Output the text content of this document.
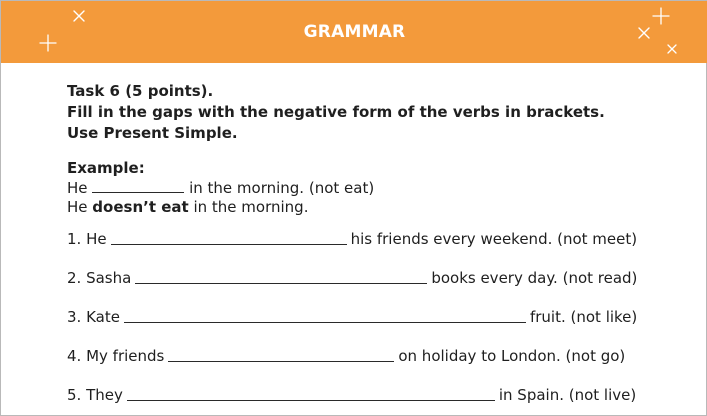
GRAMMAR

Task 6 (5 points).

Fill in the gaps with the negative form of the verbs in brackets.

Use Present Simple.

Example:
He	in the morning. (not eat)
He doesn’t eat in the morning.
1. He	his friends every weekend. (not meet)
2. Sasha	books every day. (not read)
3. Kate	fruit. (not like)
4. My friends	on holiday to London. (not go)
5. They	in Spain. (not live)
